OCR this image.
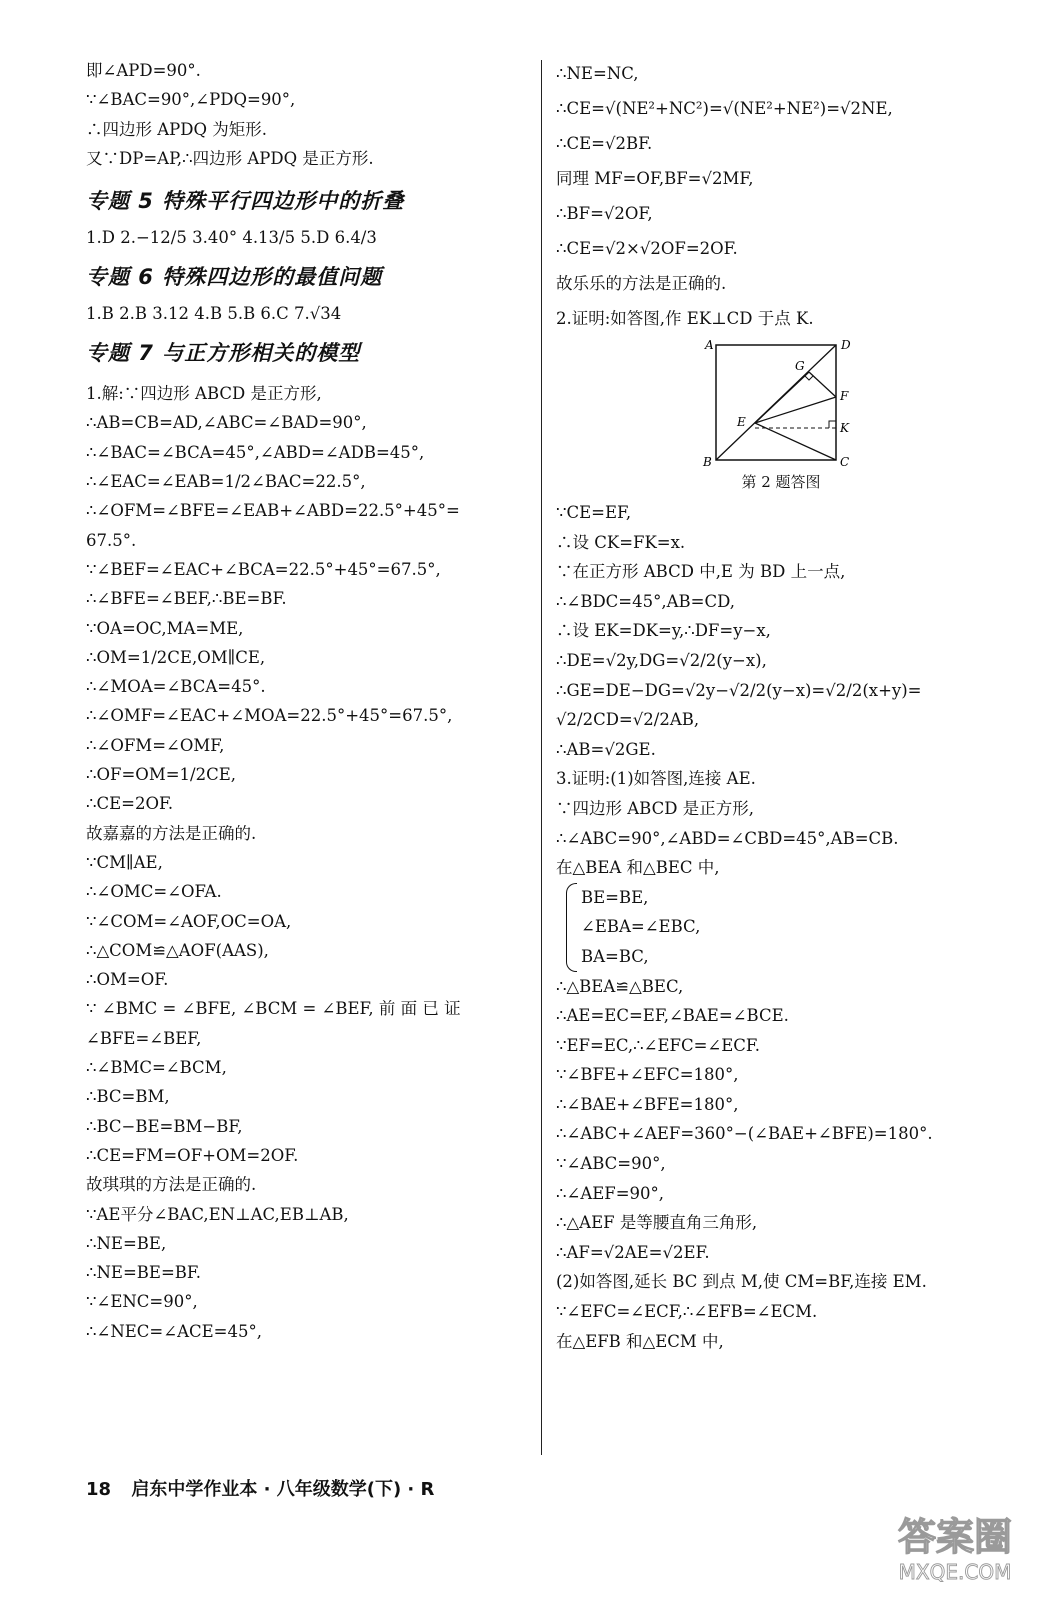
即∠APD=90°.
∵∠BAC=90°,∠PDQ=90°,
∴四边形 APDQ 为矩形.
又∵DP=AP,∴四边形 APDQ 是正方形.
专题 5 特殊平行四边形中的折叠
1.D 2.−12/5 3.40° 4.13/5 5.D 6.4/3
专题 6 特殊四边形的最值问题
1.B 2.B 3.12 4.B 5.B 6.C 7.√34
专题 7 与正方形相关的模型
1.解:∵四边形 ABCD 是正方形,
∴AB=CB=AD,∠ABC=∠BAD=90°,
∴∠BAC=∠BCA=45°,∠ABD=∠ADB=45°,
∴∠EAC=∠EAB=1/2∠BAC=22.5°,
∴∠OFM=∠BFE=∠EAB+∠ABD=22.5°+45°=
67.5°.
∵∠BEF=∠EAC+∠BCA=22.5°+45°=67.5°,
∴∠BFE=∠BEF,∴BE=BF.
∵OA=OC,MA=ME,
∴OM=1/2CE,OM∥CE,
∴∠MOA=∠BCA=45°.
∴∠OMF=∠EAC+∠MOA=22.5°+45°=67.5°,
∴∠OFM=∠OMF,
∴OF=OM=1/2CE,
∴CE=2OF.
故嘉嘉的方法是正确的.
∵CM∥AE,
∴∠OMC=∠OFA.
∵∠COM=∠AOF,OC=OA,
∴△COM≌△AOF(AAS),
∴OM=OF.
∵ ∠BMC = ∠BFE, ∠BCM = ∠BEF, 前 面 已 证
∠BFE=∠BEF,
∴∠BMC=∠BCM,
∴BC=BM,
∴BC−BE=BM−BF,
∴CE=FM=OF+OM=2OF.
故琪琪的方法是正确的.
∵AE平分∠BAC,EN⊥AC,EB⊥AB,
∴NE=BE,
∴NE=BE=BF.
∵∠ENC=90°,
∴∠NEC=∠ACE=45°,
∴NE=NC,
∴CE=√(NE²+NC²)=√(NE²+NE²)=√2NE,
∴CE=√2BF.
同理 MF=OF,BF=√2MF,
∴BF=√2OF,
∴CE=√2×√2OF=2OF.
故乐乐的方法是正确的.
2.证明:如答图,作 EK⊥CD 于点 K.
A	D
G
F
E	K
B	C
第 2 题答图
∵CE=EF,
∴设 CK=FK=x.
∵在正方形 ABCD 中,E 为 BD 上一点,
∴∠BDC=45°,AB=CD,
∴设 EK=DK=y,∴DF=y−x,
∴DE=√2y,DG=√2/2(y−x),
∴GE=DE−DG=√2y−√2/2(y−x)=√2/2(x+y)=
√2/2CD=√2/2AB,
∴AB=√2GE.
3.证明:(1)如答图,连接 AE.
∵四边形 ABCD 是正方形,
∴∠ABC=90°,∠ABD=∠CBD=45°,AB=CB.
在△BEA 和△BEC 中,
BE=BE,
∠EBA=∠EBC,
BA=BC,
∴△BEA≌△BEC,
∴AE=EC=EF,∠BAE=∠BCE.
∵EF=EC,∴∠EFC=∠ECF.
∵∠BFE+∠EFC=180°,
∴∠BAE+∠BFE=180°,
∴∠ABC+∠AEF=360°−(∠BAE+∠BFE)=180°.
∵∠ABC=90°,
∴∠AEF=90°,
∴△AEF 是等腰直角三角形,
∴AF=√2AE=√2EF.
(2)如答图,延长 BC 到点 M,使 CM=BF,连接 EM.
∵∠EFC=∠ECF,∴∠EFB=∠ECM.
在△EFB 和△ECM 中,
18 启东中学作业本 · 八年级数学(下) · R
答案圈
MXQE.COM
